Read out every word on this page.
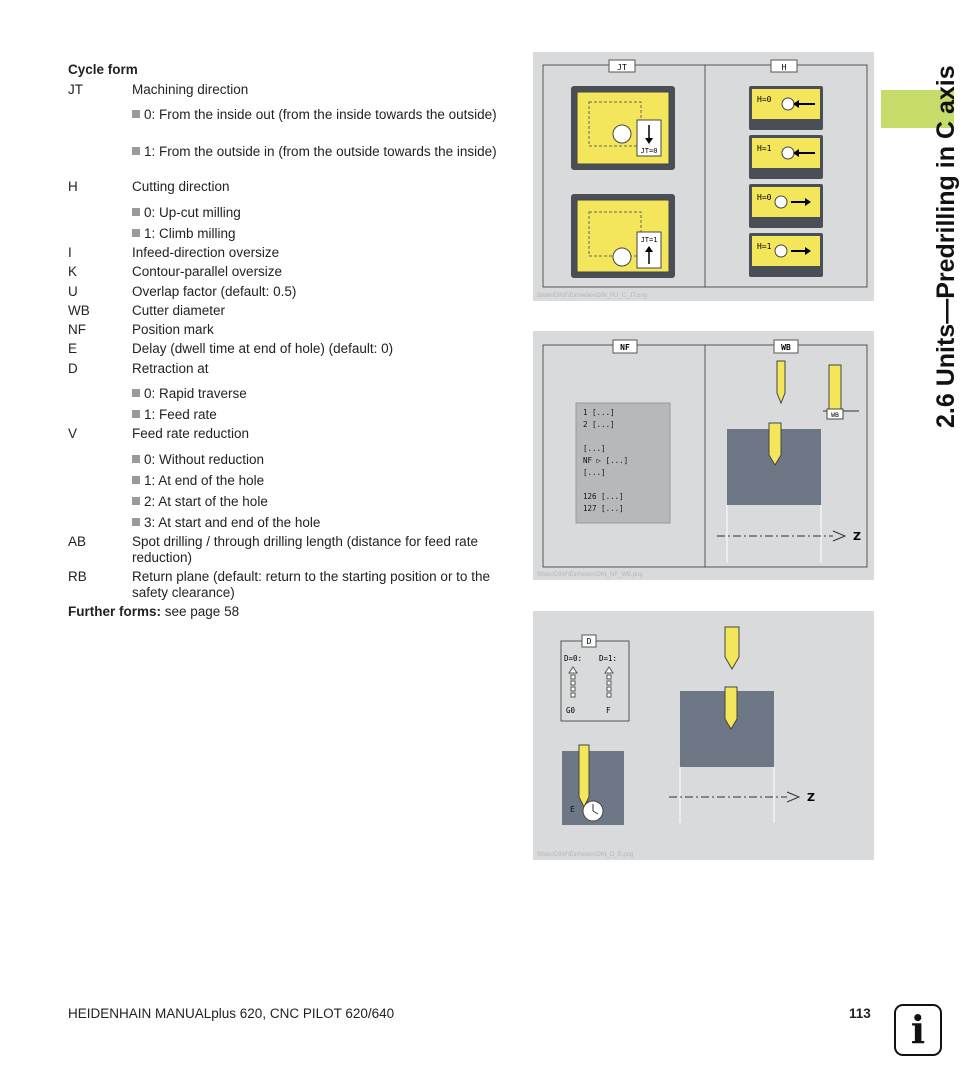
2.6 Units—Predrilling in C axis
Cycle form
JT	Machining direction
0: From the inside out (from the inside towards the outside)
1: From the outside in (from the outside towards the inside)
H	Cutting direction
0: Up-cut milling
1: Climb milling
I	Infeed-direction oversize
K	Contour-parallel oversize
U	Overlap factor (default: 0.5)
WB	Cutter diameter
NF	Position mark
E	Delay (dwell time at end of hole) (default: 0)
D	Retraction at
0: Rapid traverse
1: Feed rate
V	Feed rate reduction
0: Without reduction
1: At end of the hole
2: At start of the hole
3: At start and end of the hole
AB	Spot drilling / through drilling length (distance for feed rate reduction)
RB	Return plane (default: return to the starting position or to the safety clearance)
Further forms: see page 58
JT	H
JT=0
JT=1
H=0
H=1
H=0
H=1
Bilder/DINF/Einheiten/DIN_PU_C_JT.png
NF	WB
1 [...]
2 [...]
[...]
NF ▷ [...]
[...]
126 [...]
127 [...]
WB
Z
Bilder/DINF/Einheiten/DIN_NF_WB.png
D
D=0: D=1:
G0	F
E
Z
Bilder/DINF/Einheiten/DIN_D_E.png
HEIDENHAIN MANUALplus 620, CNC PILOT 620/640	113	i
